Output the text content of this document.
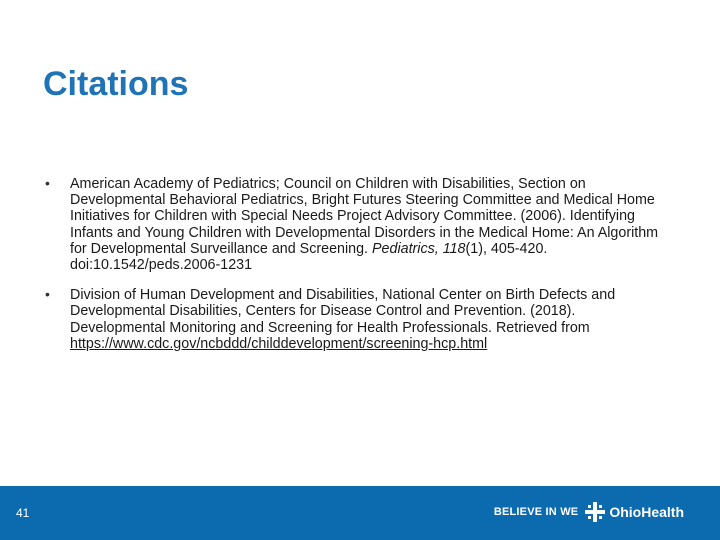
Citations
• American Academy of Pediatrics; Council on Children with Disabilities, Section on Developmental Behavioral Pediatrics, Bright Futures Steering Committee and Medical Home Initiatives for Children with Special Needs Project Advisory Committee. (2006). Identifying Infants and Young Children with Developmental Disorders in the Medical Home: An Algorithm for Developmental Surveillance and Screening. Pediatrics, 118(1), 405-420. doi:10.1542/peds.2006-1231
• Division of Human Development and Disabilities, National Center on Birth Defects and Developmental Disabilities, Centers for Disease Control and Prevention. (2018). Developmental Monitoring and Screening for Health Professionals. Retrieved from https://www.cdc.gov/ncbddd/childdevelopment/screening-hcp.html
41	BELIEVE IN WE OhioHealth
